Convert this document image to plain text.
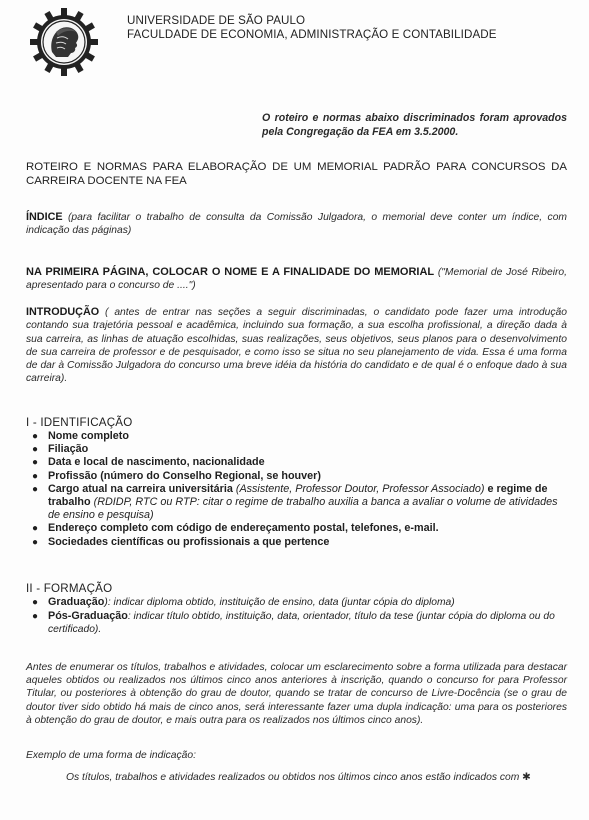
UNIVERSIDADE DE SÃO PAULO
FACULDADE DE ECONOMIA, ADMINISTRAÇÃO E CONTABILIDADE
O roteiro e normas abaixo discriminados foram aprovados pela Congregação da FEA em 3.5.2000.
ROTEIRO E NORMAS PARA ELABORAÇÃO DE UM MEMORIAL PADRÃO PARA CONCURSOS DA CARREIRA DOCENTE NA FEA
ÍNDICE (para facilitar o trabalho de consulta da Comissão Julgadora, o memorial deve conter um índice, com indicação das páginas)
NA PRIMEIRA PÁGINA, COLOCAR O NOME E A FINALIDADE DO MEMORIAL ("Memorial de José Ribeiro, apresentado para o concurso de ....")
INTRODUÇÃO ( antes de entrar nas seções a seguir discriminadas, o candidato pode fazer uma introdução contando sua trajetória pessoal e acadêmica, incluindo sua formação, a sua escolha profissional, a direção dada à sua carreira, as linhas de atuação escolhidas, suas realizações, seus objetivos, seus planos para o desenvolvimento de sua carreira de professor e de pesquisador, e como isso se situa no seu planejamento de vida. Essa é uma forma de dar à Comissão Julgadora do concurso uma breve idéia da história do candidato e de qual é o enfoque dado à sua carreira).
I - IDENTIFICAÇÃO
● Nome completo
● Filiação
● Data e local de nascimento, nacionalidade
● Profissão (número do Conselho Regional, se houver)
● Cargo atual na carreira universitária (Assistente, Professor Doutor, Professor Associado) e regime de trabalho (RDIDP, RTC ou RTP: citar o regime de trabalho auxilia a banca a avaliar o volume de atividades de ensino e pesquisa)
● Endereço completo com código de endereçamento postal, telefones, e-mail.
● Sociedades científicas ou profissionais a que pertence
II - FORMAÇÃO
● Graduação): indicar diploma obtido, instituição de ensino, data (juntar cópia do diploma)
● Pós-Graduação: indicar título obtido, instituição, data, orientador, título da tese (juntar cópia do diploma ou do certificado).
Antes de enumerar os títulos, trabalhos e atividades, colocar um esclarecimento sobre a forma utilizada para destacar aqueles obtidos ou realizados nos últimos cinco anos anteriores à inscrição, quando o concurso for para Professor Titular, ou posteriores à obtenção do grau de doutor, quando se tratar de concurso de Livre-Docência (se o grau de doutor tiver sido obtido há mais de cinco anos, será interessante fazer uma dupla indicação: uma para os posteriores à obtenção do grau de doutor, e mais outra para os realizados nos últimos cinco anos).
Exemplo de uma forma de indicação:
Os títulos, trabalhos e atividades realizados ou obtidos nos últimos cinco anos estão indicados com ✱
